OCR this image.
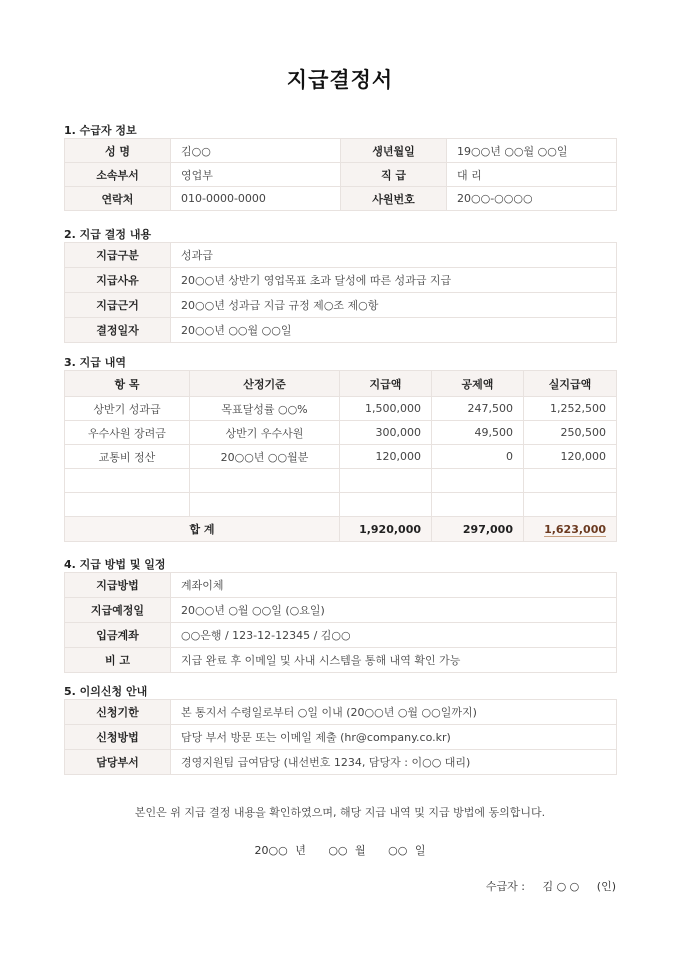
지급결정서
1. 수급자 정보
성 명	김○○	생년월일	19○○년 ○○월 ○○일
소속부서	영업부	직 급	대 리
연락처	010-0000-0000	사원번호	20○○-○○○○
2. 지급 결정 내용
지급구분	성과급
지급사유	20○○년 상반기 영업목표 초과 달성에 따른 성과급 지급
지급근거	20○○년 성과급 지급 규정 제○조 제○항
결정일자	20○○년 ○○월 ○○일
3. 지급 내역
항 목	산정기준	지급액	공제액	실지급액
상반기 성과급	목표달성률 ○○%	1,500,000	247,500	1,252,500
우수사원 장려금	상반기 우수사원	300,000	49,500	250,500
교통비 정산	20○○년 ○○월분	120,000	0	120,000

합 계		1,920,000	297,000	1,623,000
4. 지급 방법 및 일정
지급방법	계좌이체
지급예정일	20○○년 ○월 ○○일 (○요일)
입금계좌	○○은행 / 123-12-12345 / 김○○
비 고	지급 완료 후 이메일 및 사내 시스템을 통해 내역 확인 가능
5. 이의신청 안내
신청기한	본 통지서 수령일로부터 ○일 이내 (20○○년 ○월 ○○일까지)
신청방법	담당 부서 방문 또는 이메일 제출 (hr@company.co.kr)
담당부서	경영지원팀 급여담당 (내선번호 1234, 담당자 : 이○○ 대리)
본인은 위 지급 결정 내용을 확인하였으며, 해당 지급 내역 및 지급 방법에 동의합니다.
20○○ 년 ○○ 월 ○○ 일
수급자 : 김 ○ ○ (인)
